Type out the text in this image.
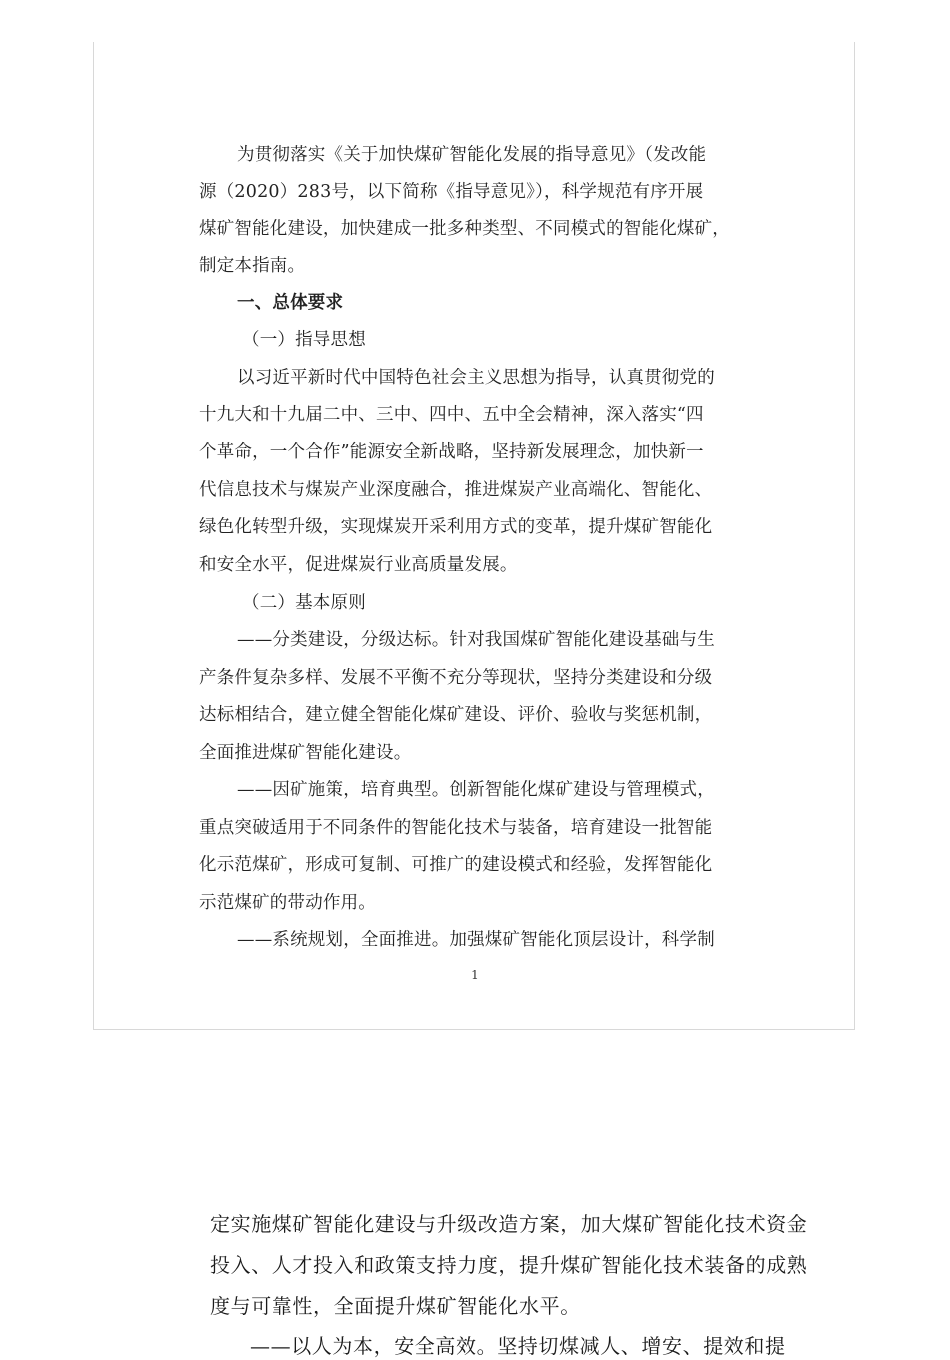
为贯彻落实《关于加快煤矿智能化发展的指导意见》（发改能
源（2020）283号，以下简称《指导意见》），科学规范有序开展
煤矿智能化建设，加快建成一批多种类型、不同模式的智能化煤矿，
制定本指南。
一、总体要求
（一）指导思想
以习近平新时代中国特色社会主义思想为指导，认真贯彻党的
十九大和十九届二中、三中、四中、五中全会精神，深入落实“四
个革命，一个合作”能源安全新战略，坚持新发展理念，加快新一
代信息技术与煤炭产业深度融合，推进煤炭产业高端化、智能化、
绿色化转型升级，实现煤炭开采利用方式的变革，提升煤矿智能化
和安全水平，促进煤炭行业高质量发展。
（二）基本原则
——分类建设，分级达标。针对我国煤矿智能化建设基础与生
产条件复杂多样、发展不平衡不充分等现状，坚持分类建设和分级
达标相结合，建立健全智能化煤矿建设、评价、验收与奖惩机制，
全面推进煤矿智能化建设。
——因矿施策，培育典型。创新智能化煤矿建设与管理模式，
重点突破适用于不同条件的智能化技术与装备，培育建设一批智能
化示范煤矿，形成可复制、可推广的建设模式和经验，发挥智能化
示范煤矿的带动作用。
——系统规划，全面推进。加强煤矿智能化顶层设计，科学制
1
定实施煤矿智能化建设与升级改造方案，加大煤矿智能化技术资金
投入、人才投入和政策支持力度，提升煤矿智能化技术装备的成熟
度与可靠性，全面提升煤矿智能化水平。
——以人为本，安全高效。坚持切煤减人、增安、提效和提
